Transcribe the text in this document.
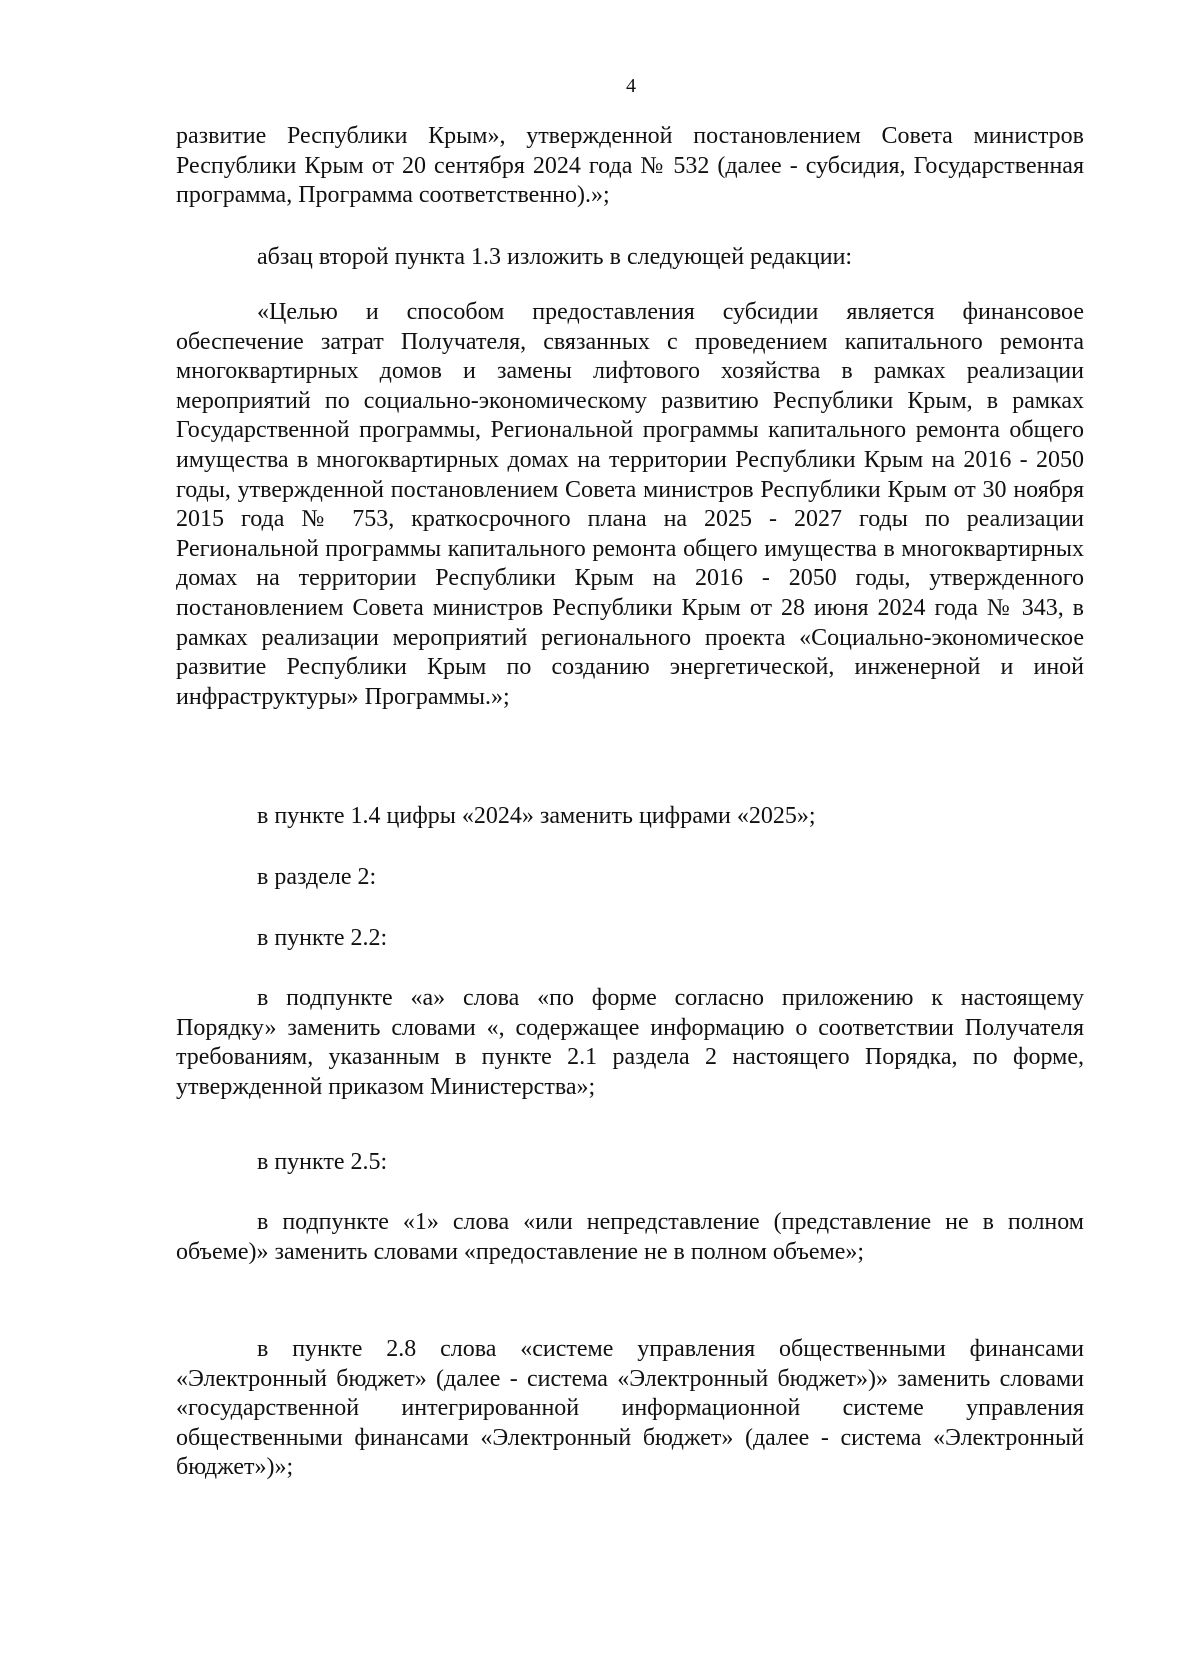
4

развитие Республики Крым», утвержденной постановлением Совета министров Республики Крым от 20 сентября 2024 года № 532 (далее - субсидия, Государственная программа, Программа соответственно).»;

абзац второй пункта 1.3 изложить в следующей редакции:

«Целью и способом предоставления субсидии является финансовое обеспечение затрат Получателя, связанных с проведением капитального ремонта многоквартирных домов и замены лифтового хозяйства в рамках реализации мероприятий по социально-экономическому развитию Республики Крым, в рамках Государственной программы, Региональной программы капитального ремонта общего имущества в многоквартирных домах на территории Республики Крым на 2016 - 2050 годы, утвержденной постановлением Совета министров Республики Крым от 30 ноября 2015 года № 753, краткосрочного плана на 2025 - 2027 годы по реализации Региональной программы капитального ремонта общего имущества в многоквартирных домах на территории Республики Крым на 2016 - 2050 годы, утвержденного постановлением Совета министров Республики Крым от 28 июня 2024 года № 343, в рамках реализации мероприятий регионального проекта «Социально-экономическое развитие Республики Крым по созданию энергетической, инженерной и иной инфраструктуры» Программы.»;

в пункте 1.4 цифры «2024» заменить цифрами «2025»;

в разделе 2:

в пункте 2.2:

в подпункте «а» слова «по форме согласно приложению к настоящему Порядку» заменить словами «, содержащее информацию о соответствии Получателя требованиям, указанным в пункте 2.1 раздела 2 настоящего Порядка, по форме, утвержденной приказом Министерства»;

в пункте 2.5:

в подпункте «1» слова «или непредставление (представление не в полном объеме)» заменить словами «предоставление не в полном объеме»;

в пункте 2.8 слова «системе управления общественными финансами «Электронный бюджет» (далее - система «Электронный бюджет»)» заменить словами «государственной интегрированной информационной системе управления общественными финансами «Электронный бюджет» (далее - система «Электронный бюджет»)»;
